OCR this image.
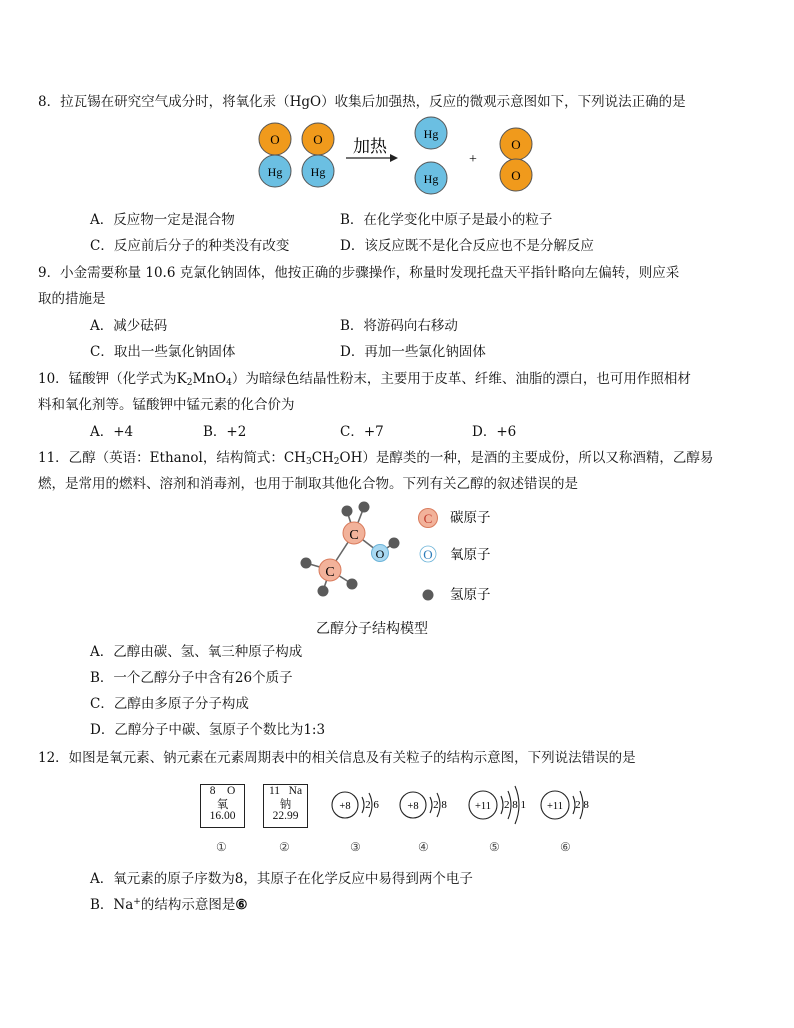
8．拉瓦锡在研究空气成分时，将氧化汞（HgO）收集后加强热，反应的微观示意图如下，下列说法正确的是
O
Hg
O
Hg
加热
Hg
Hg
+
O
O
A．反应物一定是混合物	B．在化学变化中原子是最小的粒子
C．反应前后分子的种类没有改变	D．该反应既不是化合反应也不是分解反应
9．小金需要称量 10.6 克氯化钠固体，他按正确的步骤操作，称量时发现托盘天平指针略向左偏转，则应采
取的措施是
A．减少砝码	B．将游码向右移动
C．取出一些氯化钠固体	D．再加一些氯化钠固体
10．锰酸钾（化学式为$K_2MnO_4$）为暗绿色结晶性粉末，主要用于皮革、纤维、油脂的漂白，也可用作照相材
料和氧化剂等。锰酸钾中锰元素的化合价为
A．+4	B．+2	C．+7	D．+6
11．乙醇（英语：Ethanol，结构简式：$CH_3CH_2OH$）是醇类的一种，是酒的主要成份，所以又称酒精，乙醇易
燃，是常用的燃料、溶剂和消毒剂，也用于制取其他化合物。下列有关乙醇的叙述错误的是
C
C
O
C 碳原子
O 氧原子
氢原子
乙醇分子结构模型
A．乙醇由碳、氢、氧三种原子构成
B．一个乙醇分子中含有26个质子
C．乙醇由多原子分子构成
D．乙醇分子中碳、氢原子个数比为1:3
12．如图是氧元素、钠元素在元素周期表中的相关信息及有关粒子的结构示意图，下列说法错误的是
8 O
氧
16.00
11 Na
钠
22.99
+8 2 6	+8 2 8	+11 2 8 1 +11 2 8
①	②	③	④	⑤	⑥
A．氧元素的原子序数为8，其原子在化学反应中易得到两个电子
B．Na+的结构示意图是⑥
